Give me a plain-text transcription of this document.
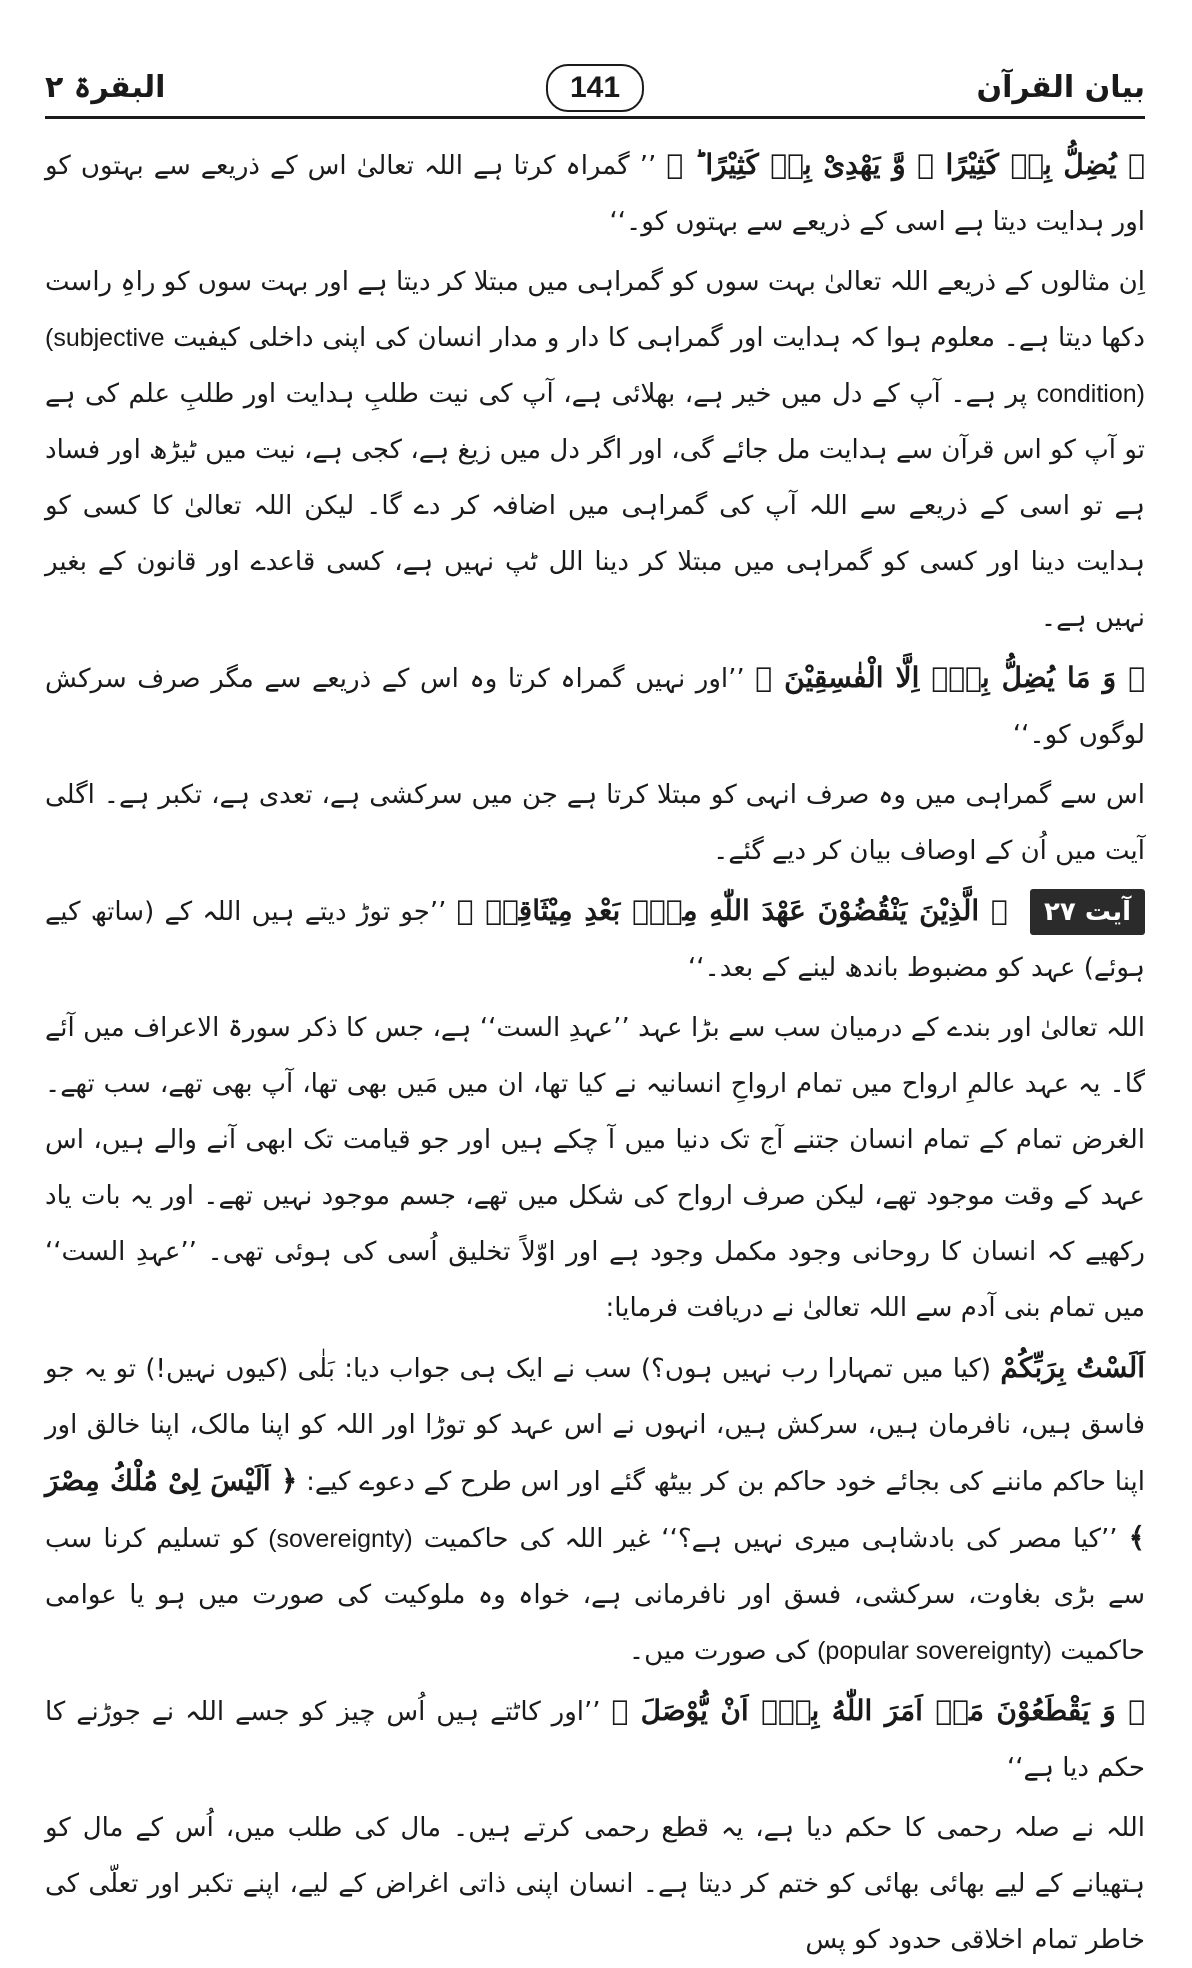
بیان القرآن
141
البقرۃ ۲

﴿ یُضِلُّ بِهٖ كَثِیْرًا ۙ وَّ یَهْدِیْ بِهٖ كَثِیْرًا ؕ ﴾ ’’ گمراہ کرتا ہے اللہ تعالیٰ اس کے ذریعے سے بہتوں کو اور ہدایت دیتا ہے اسی کے ذریعے سے بہتوں کو۔‘‘

اِن مثالوں کے ذریعے اللہ تعالیٰ بہت سوں کو گمراہی میں مبتلا کر دیتا ہے اور بہت سوں کو راہِ راست دکھا دیتا ہے۔ معلوم ہوا کہ ہدایت اور گمراہی کا دار و مدار انسان کی اپنی داخلی کیفیت (subjective condition) پر ہے۔ آپ کے دل میں خیر ہے، بھلائی ہے، آپ کی نیت طلبِ ہدایت اور طلبِ علم کی ہے تو آپ کو اس قرآن سے ہدایت مل جائے گی، اور اگر دل میں زیغ ہے، کجی ہے، نیت میں ٹیڑھ اور فساد ہے تو اسی کے ذریعے سے اللہ آپ کی گمراہی میں اضافہ کر دے گا۔ لیکن اللہ تعالیٰ کا کسی کو ہدایت دینا اور کسی کو گمراہی میں مبتلا کر دینا الل ٹپ نہیں ہے، کسی قاعدے اور قانون کے بغیر نہیں ہے۔

﴿ وَ مَا یُضِلُّ بِهٖۤ اِلَّا الْفٰسِقِیْنَ ﴾ ’’اور نہیں گمراہ کرتا وہ اس کے ذریعے سے مگر صرف سرکش لوگوں کو۔‘‘

اس سے گمراہی میں وہ صرف انہی کو مبتلا کرتا ہے جن میں سرکشی ہے، تعدی ہے، تکبر ہے۔ اگلی آیت میں اُن کے اوصاف بیان کر دیے گئے۔

آیت ۲۷ ﴿ الَّذِیْنَ یَنْقُضُوْنَ عَهْدَ اللّٰهِ مِنْۢ بَعْدِ مِیْثَاقِهٖ ﴾ ’’جو توڑ دیتے ہیں اللہ کے (ساتھ کیے ہوئے) عہد کو مضبوط باندھ لینے کے بعد۔‘‘

اللہ تعالیٰ اور بندے کے درمیان سب سے بڑا عہد ’’عہدِ الست‘‘ ہے، جس کا ذکر سورۃ الاعراف میں آئے گا۔ یہ عہد عالمِ ارواح میں تمام ارواحِ انسانیہ نے کیا تھا، ان میں مَیں بھی تھا، آپ بھی تھے، سب تھے۔ الغرض تمام کے تمام انسان جتنے آج تک دنیا میں آ چکے ہیں اور جو قیامت تک ابھی آنے والے ہیں، اس عہد کے وقت موجود تھے، لیکن صرف ارواح کی شکل میں تھے، جسم موجود نہیں تھے۔ اور یہ بات یاد رکھیے کہ انسان کا روحانی وجود مکمل وجود ہے اور اوّلاً تخلیق اُسی کی ہوئی تھی۔ ’’عہدِ الست‘‘ میں تمام بنی آدم سے اللہ تعالیٰ نے دریافت فرمایا:

اَلَسْتُ بِرَبِّكُمْ (کیا میں تمہارا رب نہیں ہوں؟) سب نے ایک ہی جواب دیا: بَلٰی (کیوں نہیں!) تو یہ جو فاسق ہیں، نافرمان ہیں، سرکش ہیں، انہوں نے اس عہد کو توڑا اور اللہ کو اپنا مالک، اپنا خالق اور اپنا حاکم ماننے کی بجائے خود حاکم بن کر بیٹھ گئے اور اس طرح کے دعوے کیے: ﴿ اَلَیْسَ لِیْ مُلْكُ مِصْرَ ﴾ ’’کیا مصر کی بادشاہی میری نہیں ہے؟‘‘ غیر اللہ کی حاکمیت (sovereignty) کو تسلیم کرنا سب سے بڑی بغاوت، سرکشی، فسق اور نافرمانی ہے، خواہ وہ ملوکیت کی صورت میں ہو یا عوامی حاکمیت (popular sovereignty) کی صورت میں۔

﴿ وَ یَقْطَعُوْنَ مَاۤ اَمَرَ اللّٰهُ بِهٖۤ اَنْ یُّوْصَلَ ﴾ ’’اور کاٹتے ہیں اُس چیز کو جسے اللہ نے جوڑنے کا حکم دیا ہے‘‘

اللہ نے صلہ رحمی کا حکم دیا ہے، یہ قطع رحمی کرتے ہیں۔ مال کی طلب میں، اُس کے مال کو ہتھیانے کے لیے بھائی بھائی کو ختم کر دیتا ہے۔ انسان اپنی ذاتی اغراض کے لیے، اپنے تکبر اور تعلّی کی خاطر تمام اخلاقی حدود کو پس
